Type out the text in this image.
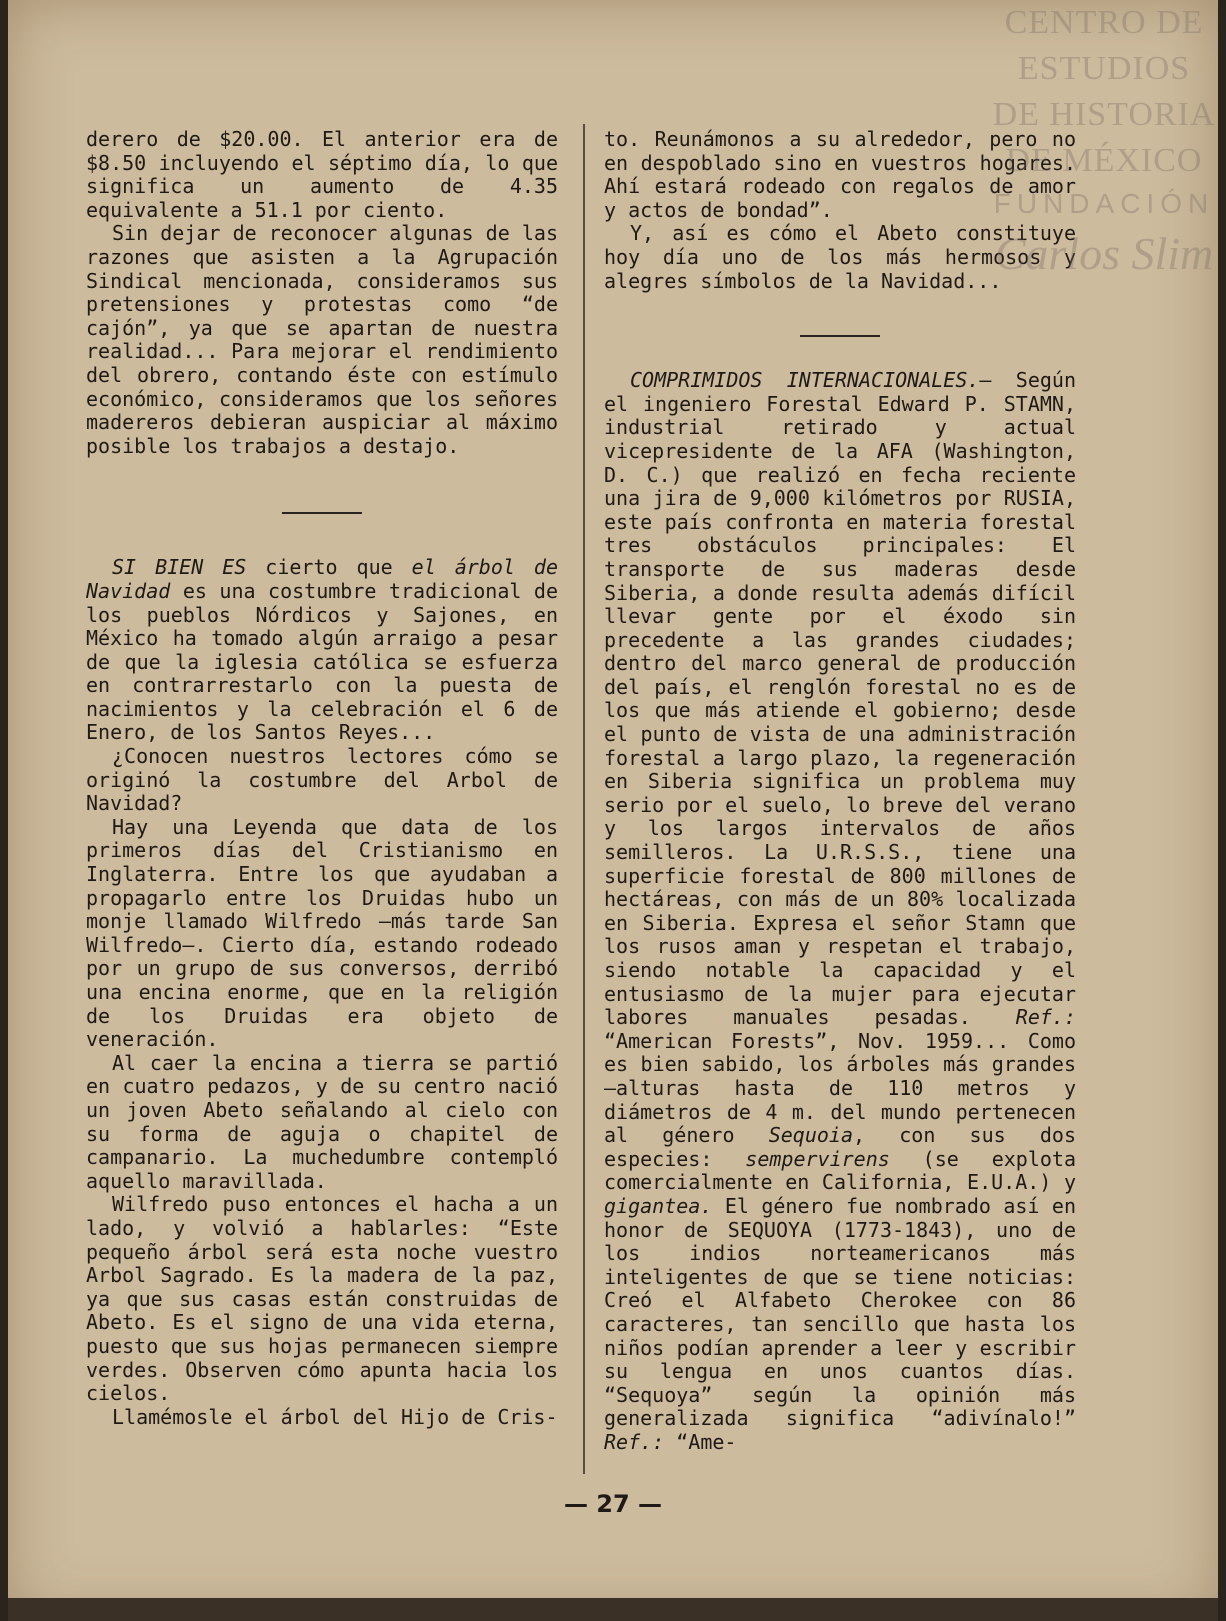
CENTRO DE
ESTUDIOS
DE HISTORIA
DE MÉXICO
FUNDACIÓN
Carlos Slim

derero de $20.00. El anterior era de $8.50 incluyendo el séptimo día, lo que significa un aumento de 4.35 equivalente a 51.1 por ciento.

Sin dejar de reconocer algunas de las razones que asisten a la Agrupación Sindical mencionada, consideramos sus pretensiones y protestas como “de cajón”, ya que se apartan de nuestra realidad... Para mejorar el rendimiento del obrero, contando éste con estímulo económico, consideramos que los señores madereros debieran auspiciar al máximo posible los trabajos a destajo.

SI BIEN ES cierto que el árbol de Navidad es una costumbre tradicional de los pueblos Nórdicos y Sajones, en México ha tomado algún arraigo a pesar de que la iglesia católica se esfuerza en contrarrestarlo con la puesta de nacimientos y la celebración el 6 de Enero, de los Santos Reyes...

¿Conocen nuestros lectores cómo se originó la costumbre del Arbol de Navidad?

Hay una Leyenda que data de los primeros días del Cristianismo en Inglaterra. Entre los que ayudaban a propagarlo entre los Druidas hubo un monje llamado Wilfredo —más tarde San Wilfredo—. Cierto día, estando rodeado por un grupo de sus conversos, derribó una encina enorme, que en la religión de los Druidas era objeto de veneración.

Al caer la encina a tierra se partió en cuatro pedazos, y de su centro nació un joven Abeto señalando al cielo con su forma de aguja o chapitel de campanario. La muchedumbre contempló aquello maravillada.

Wilfredo puso entonces el hacha a un lado, y volvió a hablarles: “Este pequeño árbol será esta noche vuestro Arbol Sagrado. Es la madera de la paz, ya que sus casas están construidas de Abeto. Es el signo de una vida eterna, puesto que sus hojas permanecen siempre verdes. Observen cómo apunta hacia los cielos.

Llamémosle el árbol del Hijo de Cris-

to. Reunámonos a su alrededor, pero no en despoblado sino en vuestros hogares. Ahí estará rodeado con regalos de amor y actos de bondad”.

Y, así es cómo el Abeto constituye hoy día uno de los más hermosos y alegres símbolos de la Navidad...

COMPRIMIDOS INTERNACIONALES.— Según el ingeniero Forestal Edward P. STAMN, industrial retirado y actual vicepresidente de la AFA (Washington, D. C.) que realizó en fecha reciente una jira de 9,000 kilómetros por RUSIA, este país confronta en materia forestal tres obstáculos principales: El transporte de sus maderas desde Siberia, a donde resulta además difícil llevar gente por el éxodo sin precedente a las grandes ciudades; dentro del marco general de producción del país, el renglón forestal no es de los que más atiende el gobierno; desde el punto de vista de una administración forestal a largo plazo, la regeneración en Siberia significa un problema muy serio por el suelo, lo breve del verano y los largos intervalos de años semilleros. La U.R.S.S., tiene una superficie forestal de 800 millones de hectáreas, con más de un 80% localizada en Siberia. Expresa el señor Stamn que los rusos aman y respetan el trabajo, siendo notable la capacidad y el entusiasmo de la mujer para ejecutar labores manuales pesadas. Ref.: “American Forests”, Nov. 1959... Como es bien sabido, los árboles más grandes —alturas hasta de 110 metros y diámetros de 4 m. del mundo pertenecen al género Sequoia, con sus dos especies: sempervirens (se explota comercialmente en California, E.U.A.) y gigantea. El género fue nombrado así en honor de SEQUOYA (1773-1843), uno de los indios norteamericanos más inteligentes de que se tiene noticias: Creó el Alfabeto Cherokee con 86 caracteres, tan sencillo que hasta los niños podían aprender a leer y escribir su lengua en unos cuantos días. “Sequoya” según la opinión más generalizada significa “adivínalo!” Ref.: “Ame-

— 27 —
